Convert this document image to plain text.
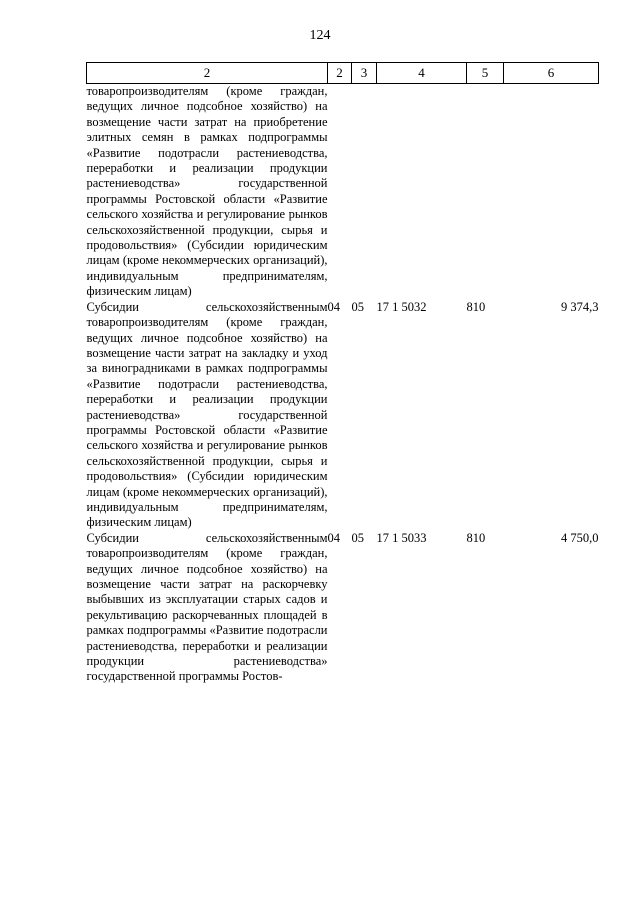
124
2	2	3	4	5	6
товаропроизводителям (кроме граждан, ведущих личное подсобное хозяйство) на возмещение части затрат на приобретение элитных семян в рамках подпрограммы «Развитие подотрасли растениеводства, переработки и реализации продукции растениеводства» государственной программы Ростовской области «Развитие сельского хозяйства и регулирование рынков сельскохозяйственной продукции, сырья и продовольствия» (Субсидии юридическим лицам (кроме некоммерческих организаций), индивидуальным предпринимателям, физическим лицам)					
Субсидии сельскохозяйственным товаропроизводителям (кроме граждан, ведущих личное подсобное хозяйство) на возмещение части затрат на закладку и уход за виноградниками в рамках подпрограммы «Развитие подотрасли растениеводства, переработки и реализации продукции растениеводства» государственной программы Ростовской области «Развитие сельского хозяйства и регулирование рынков сельскохозяйственной продукции, сырья и продовольствия» (Субсидии юридическим лицам (кроме некоммерческих организаций), индивидуальным предпринимателям, физическим лицам)	04	05	17 1 5032	810	9 374,3
Субсидии сельскохозяйственным товаропроизводителям (кроме граждан, ведущих личное подсобное хозяйство) на возмещение части затрат на раскорчевку выбывших из эксплуатации старых садов и рекультивацию раскорчеванных площадей в рамках подпрограммы «Развитие подотрасли растениеводства, переработки и реализации продукции растениеводства» государственной программы Ростов-	04	05	17 1 5033	810	4 750,0
